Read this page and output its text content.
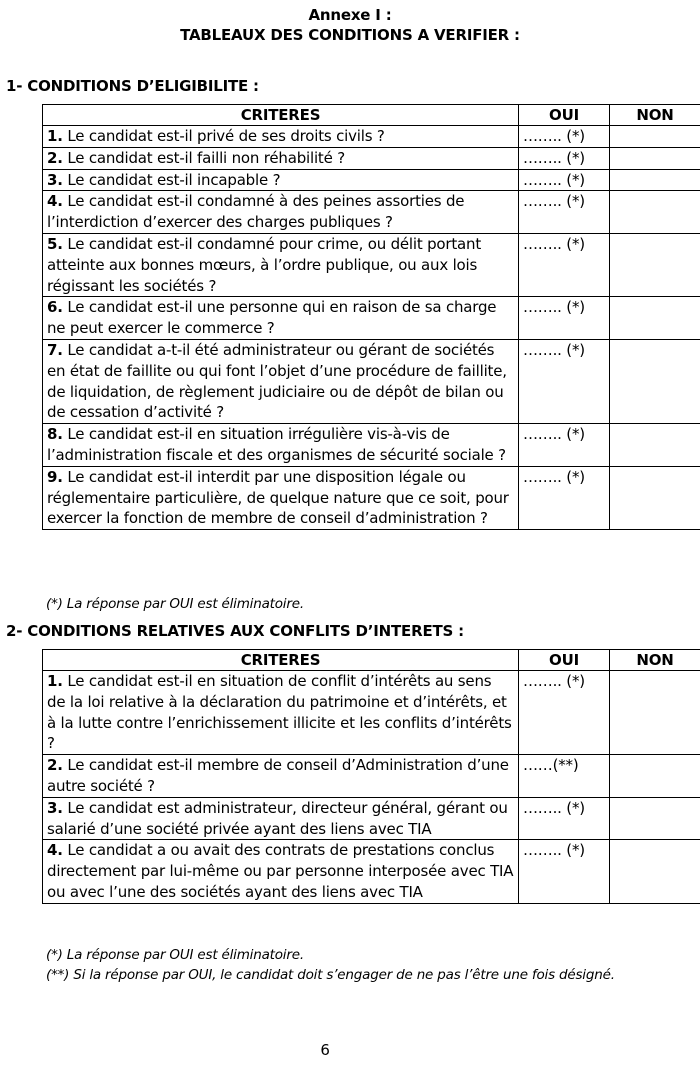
Annexe I :
TABLEAUX DES CONDITIONS A VERIFIER :
1- CONDITIONS D’ELIGIBILITE :
CRITERES	OUI	NON
1. Le candidat est-il privé de ses droits civils ?	…….. (*)	
2. Le candidat est-il failli non réhabilité ?	…….. (*)	
3. Le candidat est-il incapable ?	…….. (*)	
4. Le candidat est-il condamné à des peines assorties de l’interdiction d’exercer des charges publiques ?	…….. (*)	
5. Le candidat est-il condamné pour crime, ou délit portant atteinte aux bonnes mœurs, à l’ordre publique, ou aux lois régissant les sociétés ?	…….. (*)	
6. Le candidat est-il une personne qui en raison de sa charge ne peut exercer le commerce ?	…….. (*)	
7. Le candidat a-t-il été administrateur ou gérant de sociétés en état de faillite ou qui font l’objet d’une procédure de faillite, de liquidation, de règlement judiciaire ou de dépôt de bilan ou de cessation d’activité ?	…….. (*)	
8. Le candidat est-il en situation irrégulière vis-à-vis de l’administration fiscale et des organismes de sécurité sociale ?	…….. (*)	
9. Le candidat est-il interdit par une disposition légale ou réglementaire particulière, de quelque nature que ce soit, pour exercer la fonction de membre de conseil d’administration ?	…….. (*)	
(*) La réponse par OUI est éliminatoire.
2- CONDITIONS RELATIVES AUX CONFLITS D’INTERETS :
CRITERES	OUI	NON
1. Le candidat est-il en situation de conflit d’intérêts au sens de la loi relative à la déclaration du patrimoine et d’intérêts, et à la lutte contre l’enrichissement illicite et les conflits d’intérêts ?	…….. (*)	
2. Le candidat est-il membre de conseil d’Administration d’une autre société ?	……(**)	
3. Le candidat est administrateur, directeur général, gérant ou salarié d’une société privée ayant des liens avec TIA	…….. (*)	
4. Le candidat a ou avait des contrats de prestations conclus directement par lui-même ou par personne interposée avec TIA ou avec l’une des sociétés ayant des liens avec TIA	…….. (*)	
(*) La réponse par OUI est éliminatoire.
(**) Si la réponse par OUI, le candidat doit s’engager de ne pas l’être une fois désigné.
6
